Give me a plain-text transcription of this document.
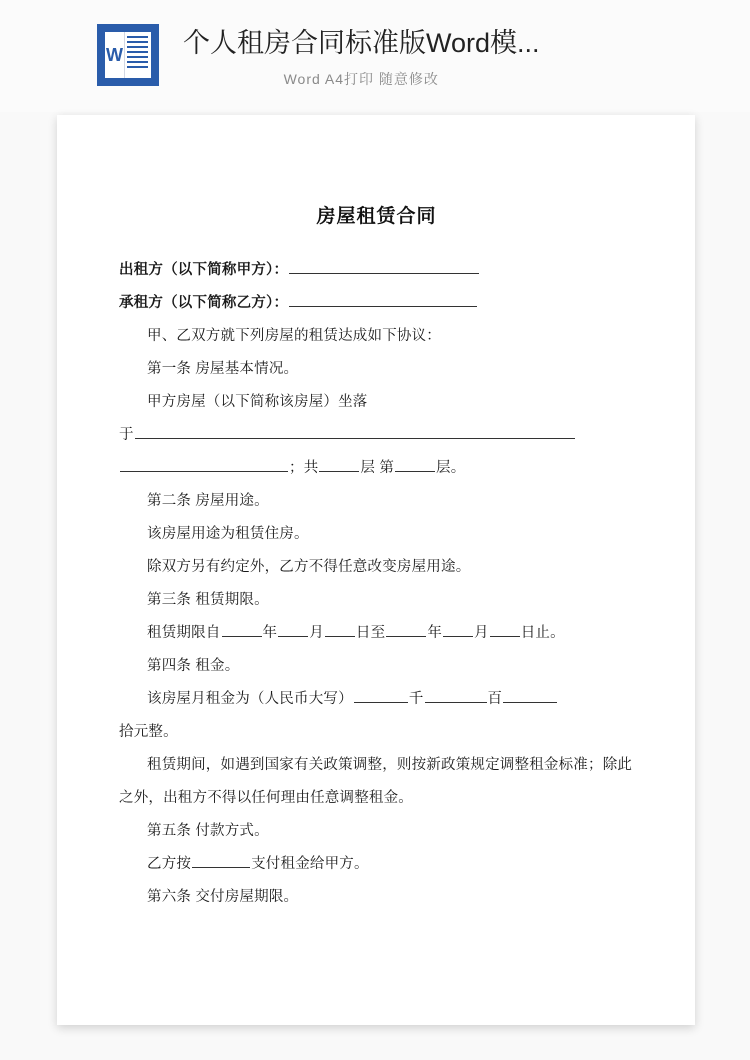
W 个人租房合同标准版Word模...
Word A4打印 随意修改
房屋租赁合同
出租方（以下简称甲方）：
承租方（以下简称乙方）：
甲、乙双方就下列房屋的租赁达成如下协议：
第一条 房屋基本情况。
甲方房屋（以下简称该房屋）坐落
于
；共	层 第	层。
第二条 房屋用途。
该房屋用途为租赁住房。
除双方另有约定外，乙方不得任意改变房屋用途。
第三条 租赁期限。
租赁期限自	年 月 日至	年 月 日止。
第四条 租金。
该房屋月租金为（人民币大写）	千	百
拾元整。
租赁期间，如遇到国家有关政策调整，则按新政策规定调整租金标准；除此之外，出租方不得以任何理由任意调整租金。
第五条 付款方式。
乙方按	支付租金给甲方。
第六条 交付房屋期限。
